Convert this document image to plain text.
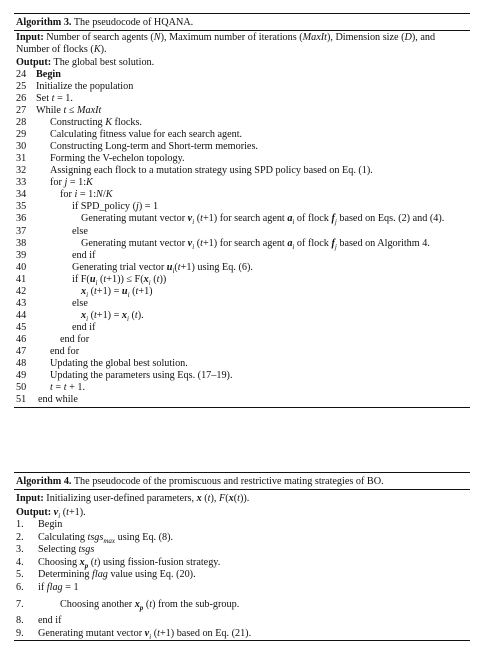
Algorithm 3. The pseudocode of HQANA.
Input: Number of search agents (N), Maximum number of iterations (MaxIt), Dimension size (D), and Number of flocks (K).
Output: The global best solution.
24 Begin
25 Initialize the population
26 Set t = 1.
27 While t ≤ MaxIt
28	Constructing K flocks.
29	Calculating fitness value for each search agent.
30	Constructing Long-term and Short-term memories.
31	Forming the V-echelon topology.
32	Assigning each flock to a mutation strategy using SPD policy based on Eq. (1).
33	for j = 1:K
34	for i = 1:N/K
35	if SPD_policy (j) = 1
36	Generating mutant vector $v_i$ (t+1) for search agent $a_i$ of flock $f_j$ based on Eqs. (2) and (4).
37	else
38	Generating mutant vector $v_i$ (t+1) for search agent $a_i$ of flock $f_j$ based on Algorithm 4.
39	end if
40	Generating trial vector $u_i(t+1)$ using Eq. (6).
41	if $F(u_i$ $(t+1)) \le F(x_i$ (t))
42	$x_i$ $(t+1) = u_i$ (t+1)
43	else
44	$x_i$ $(t+1) = x_i$ (t).
45	end if
46	end for
47	end for
48	Updating the global best solution.
49	Updating the parameters using Eqs. (17–19).
50	t = t + 1.
51	end while
Algorithm 4. The pseudocode of the promiscuous and restrictive mating strategies of BO.
Input: Initializing user-defined parameters, x (t), F(x(t)).
Output: $v_i$ (t+1).
1.	Begin
2.	Calculating tsgs$_{max}$ using Eq. (8).
3.	Selecting tsgs
4.	Choosing $x_p$ (t) using fission-fusion strategy.
5.	Determining flag value using Eq. (20).
6.	if flag = 1
7.	Choosing another $x_p$ (t) from the sub-group.
8.	end if
9.	Generating mutant vector $v_i$ (t+1) based on Eq. (21).
